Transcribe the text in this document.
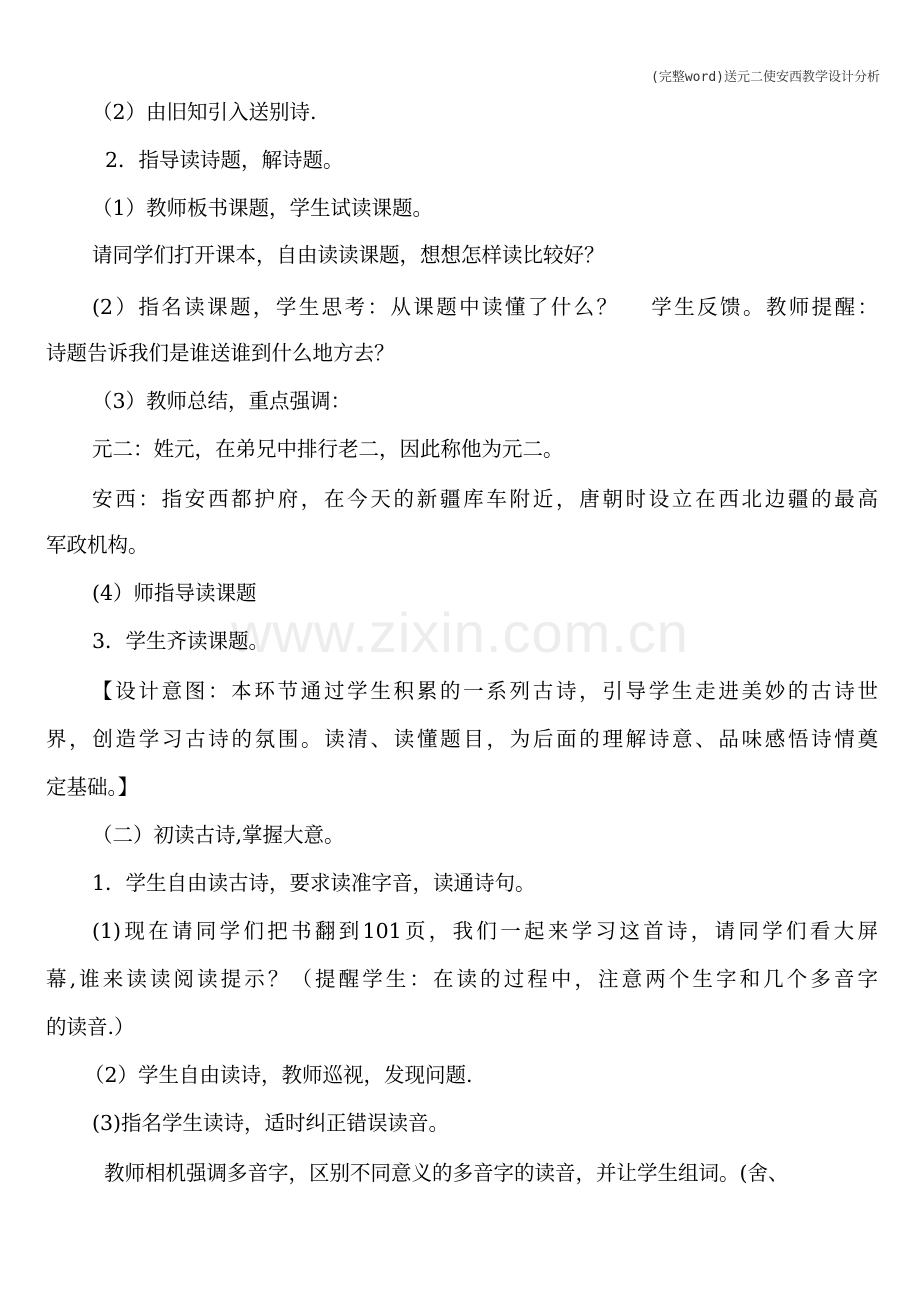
(完整word)送元二使安西教学设计分析
www.zixin.com.cn
（2）由旧知引入送别诗.
2．指导读诗题，解诗题。
（1）教师板书课题，学生试读课题。
请同学们打开课本，自由读读课题，想想怎样读比较好？
(2）指名读课题，学生思考：从课题中读懂了什么？　 学生反馈。教师提醒：
诗题告诉我们是谁送谁到什么地方去？
（3）教师总结，重点强调：
元二：姓元，在弟兄中排行老二，因此称他为元二。
安西：指安西都护府，在今天的新疆库车附近，唐朝时设立在西北边疆的最高
军政机构。
(4）师指导读课题
3．学生齐读课题。
【设计意图：本环节通过学生积累的一系列古诗，引导学生走进美妙的古诗世
界，创造学习古诗的氛围。读清、读懂题目，为后面的理解诗意、品味感悟诗情奠
定基础。】
（二）初读古诗,掌握大意。
1．学生自由读古诗，要求读准字音，读通诗句。
(1)现在请同学们把书翻到101页，我们一起来学习这首诗，请同学们看大屏
幕,谁来读读阅读提示？（提醒学生：在读的过程中，注意两个生字和几个多音字
的读音.）
（2）学生自由读诗，教师巡视，发现问题.
(3)指名学生读诗，适时纠正错误读音。
教师相机强调多音字，区别不同意义的多音字的读音，并让学生组词。(舍、
